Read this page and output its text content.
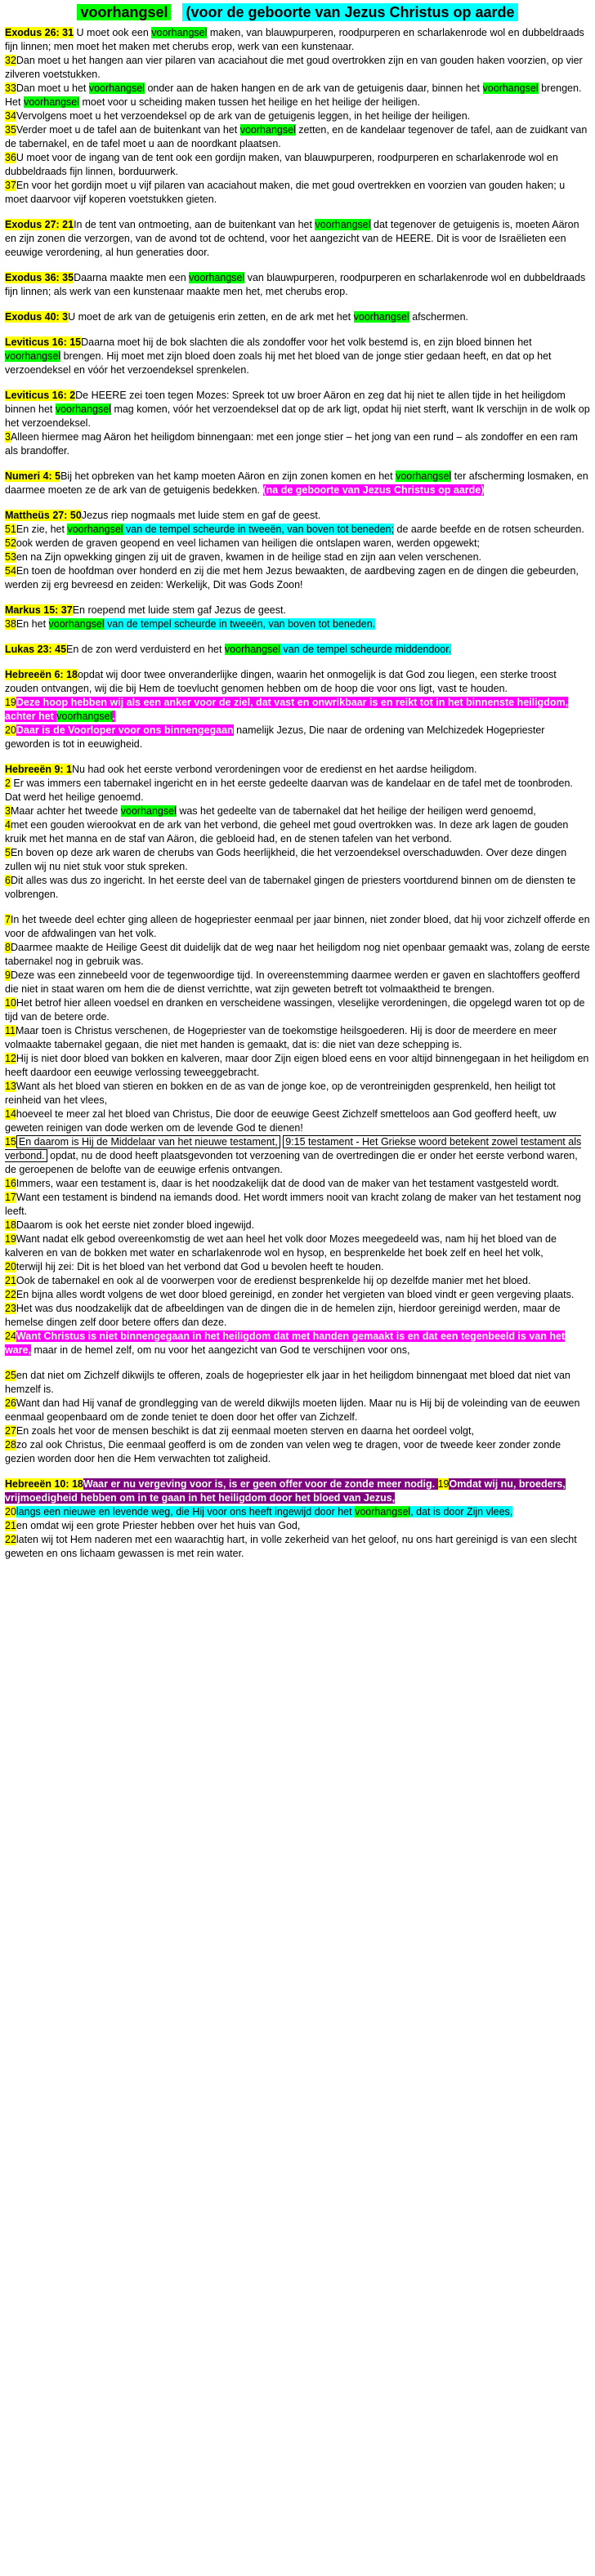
voorhangsel (voor de geboorte van Jezus Christus op aarde
Exodus 26: 31 U moet ook een voorhangsel maken, van blauwpurperen, roodpurperen en scharlakenrode wol en dubbeldraads fijn linnen; men moet het maken met cherubs erop, werk van een kunstenaar.
32Dan moet u het hangen aan vier pilaren van acaciahout die met goud overtrokken zijn en van gouden haken voorzien, op vier zilveren voetstukken.
33Dan moet u het voorhangsel onder aan de haken hangen en de ark van de getuigenis daar, binnen het voorhangsel brengen. Het voorhangsel moet voor u scheiding maken tussen het heilige en het heilige der heiligen.
34Vervolgens moet u het verzoendeksel op de ark van de getuigenis leggen, in het heilige der heiligen.
35Verder moet u de tafel aan de buitenkant van het voorhangsel zetten, en de kandelaar tegenover de tafel, aan de zuidkant van de tabernakel, en de tafel moet u aan de noordkant plaatsen.
36U moet voor de ingang van de tent ook een gordijn maken, van blauwpurperen, roodpurperen en scharlakenrode wol en dubbeldraads fijn linnen, borduurwerk.
37En voor het gordijn moet u vijf pilaren van acaciahout maken, die met goud overtrekken en voorzien van gouden haken; u moet daarvoor vijf koperen voetstukken gieten.
Exodus 27: 21In de tent van ontmoeting, aan de buitenkant van het voorhangsel dat tegenover de getuigenis is, moeten Aäron en zijn zonen die verzorgen, van de avond tot de ochtend, voor het aangezicht van de HEERE. Dit is voor de Israëlieten een eeuwige verordening, al hun generaties door.
Exodus 36: 35Daarna maakte men een voorhangsel van blauwpurperen, roodpurperen en scharlakenrode wol en dubbeldraads fijn linnen; als werk van een kunstenaar maakte men het, met cherubs erop.
Exodus 40: 3U moet de ark van de getuigenis erin zetten, en de ark met het voorhangsel afschermen.
Leviticus 16: 15Daarna moet hij de bok slachten die als zondoffer voor het volk bestemd is, en zijn bloed binnen het voorhangsel brengen. Hij moet met zijn bloed doen zoals hij met het bloed van de jonge stier gedaan heeft, en dat op het verzoendeksel en vóór het verzoendeksel sprenkelen.
Leviticus 16: 2De HEERE zei toen tegen Mozes: Spreek tot uw broer Aäron en zeg dat hij niet te allen tijde in het heiligdom binnen het voorhangsel mag komen, vóór het verzoendeksel dat op de ark ligt, opdat hij niet sterft, want Ik verschijn in de wolk op het verzoendeksel.
3Alleen hiermee mag Aäron het heiligdom binnengaan: met een jonge stier – het jong van een rund – als zondoffer en een ram als brandoffer.
Numeri 4: 5Bij het opbreken van het kamp moeten Aäron en zijn zonen komen en het voorhangsel ter afscherming losmaken, en daarmee moeten ze de ark van de getuigenis bedekken. (na de geboorte van Jezus Christus op aarde)
Mattheüs 27: 50Jezus riep nogmaals met luide stem en gaf de geest.
51En zie, het voorhangsel van de tempel scheurde in tweeën, van boven tot beneden; de aarde beefde en de rotsen scheurden.
52ook werden de graven geopend en veel lichamen van heiligen die ontslapen waren, werden opgewekt;
53en na Zijn opwekking gingen zij uit de graven, kwamen in de heilige stad en zijn aan velen verschenen.
54En toen de hoofdman over honderd en zij die met hem Jezus bewaakten, de aardbeving zagen en de dingen die gebeurden, werden zij erg bevreesd en zeiden: Werkelijk, Dit was Gods Zoon!
Markus 15: 37En roepend met luide stem gaf Jezus de geest.
38En het voorhangsel van de tempel scheurde in tweeën, van boven tot beneden.
Lukas 23: 45En de zon werd verduisterd en het voorhangsel van de tempel scheurde middendoor.
Hebreeën 6: 18opdat wij door twee onveranderlijke dingen, waarin het onmogelijk is dat God zou liegen, een sterke troost zouden ontvangen, wij die bij Hem de toevlucht genomen hebben om de hoop die voor ons ligt, vast te houden.
19Deze hoop hebben wij als een anker voor de ziel, dat vast en onwrikbaar is en reikt tot in het binnenste heiligdom, achter het voorhangsel.
20Daar is de Voorloper voor ons binnengegaan namelijk Jezus, Die naar de ordening van Melchizedek Hogepriester geworden is tot in eeuwigheid.
Hebreeën 9: 1Nu had ook het eerste verbond verordeningen voor de eredienst en het aardse heiligdom.
2 Er was immers een tabernakel ingericht en in het eerste gedeelte daarvan was de kandelaar en de tafel met de toonbroden. Dat werd het heilige genoemd.
3Maar achter het tweede voorhangsel was het gedeelte van de tabernakel dat het heilige der heiligen werd genoemd,
4met een gouden wierookvat en de ark van het verbond, die geheel met goud overtrokken was. In deze ark lagen de gouden kruik met het manna en de staf van Aäron, die gebloeid had, en de stenen tafelen van het verbond.
5En boven op deze ark waren de cherubs van Gods heerlijkheid, die het verzoendeksel overschaduwden. Over deze dingen zullen wij nu niet stuk voor stuk spreken.
6Dit alles was dus zo ingericht. In het eerste deel van de tabernakel gingen de priesters voortdurend binnen om de diensten te volbrengen.
7In het tweede deel echter ging alleen de hogepriester eenmaal per jaar binnen, niet zonder bloed, dat hij voor zichzelf offerde en voor de afdwalingen van het volk.
8Daarmee maakte de Heilige Geest dit duidelijk dat de weg naar het heiligdom nog niet openbaar gemaakt was, zolang de eerste tabernakel nog in gebruik was.
9Deze was een zinnebeeld voor de tegenwoordige tijd. In overeenstemming daarmee werden er gaven en slachtoffers geofferd die niet in staat waren om hem die de dienst verrichtte, wat zijn geweten betreft tot volmaaktheid te brengen.
10Het betrof hier alleen voedsel en dranken en verscheidene wassingen, vleselijke verordeningen, die opgelegd waren tot op de tijd van de betere orde.
11Maar toen is Christus verschenen, de Hogepriester van de toekomstige heilsgoederen. Hij is door de meerdere en meer volmaakte tabernakel gegaan, die niet met handen is gemaakt, dat is: die niet van deze schepping is.
12Hij is niet door bloed van bokken en kalveren, maar door Zijn eigen bloed eens en voor altijd binnengegaan in het heiligdom en heeft daardoor een eeuwige verlossing teweeggebracht.
13Want als het bloed van stieren en bokken en de as van de jonge koe, op de verontreinigden gesprenkeld, hen heiligt tot reinheid van het vlees,
14hoeveel te meer zal het bloed van Christus, Die door de eeuwige Geest Zichzelf smetteloos aan God geofferd heeft, uw geweten reinigen van dode werken om de levende God te dienen!
15 En daarom is Hij de Middelaar van het nieuwe testament, 9:15 testament - Het Griekse woord betekent zowel testament als verbond. opdat, nu de dood heeft plaatsgevonden tot verzoening van de overtredingen die er onder het eerste verbond waren, de geroepenen de belofte van de eeuwige erfenis ontvangen.
16Immers, waar een testament is, daar is het noodzakelijk dat de dood van de maker van het testament vastgesteld wordt.
17Want een testament is bindend na iemands dood. Het wordt immers nooit van kracht zolang de maker van het testament nog leeft.
18Daarom is ook het eerste niet zonder bloed ingewijd.
19Want nadat elk gebod overeenkomstig de wet aan heel het volk door Mozes meegedeeld was, nam hij het bloed van de kalveren en van de bokken met water en scharlakenrode wol en hysop, en besprenkelde het boek zelf en heel het volk,
20terwijl hij zei: Dit is het bloed van het verbond dat God u bevolen heeft te houden.
21Ook de tabernakel en ook al de voorwerpen voor de eredienst besprenkelde hij op dezelfde manier met het bloed.
22En bijna alles wordt volgens de wet door bloed gereinigd, en zonder het vergieten van bloed vindt er geen vergeving plaats.
23Het was dus noodzakelijk dat de afbeeldingen van de dingen die in de hemelen zijn, hierdoor gereinigd werden, maar de hemelse dingen zelf door betere offers dan deze.
24Want Christus is niet binnengegaan in het heiligdom dat met handen gemaakt is en dat een tegenbeeld is van het ware, maar in de hemel zelf, om nu voor het aangezicht van God te verschijnen voor ons,
25en dat niet om Zichzelf dikwijls te offeren, zoals de hogepriester elk jaar in het heiligdom binnengaat met bloed dat niet van hemzelf is.
26Want dan had Hij vanaf de grondlegging van de wereld dikwijls moeten lijden. Maar nu is Hij bij de voleinding van de eeuwen eenmaal geopenbaard om de zonde teniet te doen door het offer van Zichzelf.
27En zoals het voor de mensen beschikt is dat zij eenmaal moeten sterven en daarna het oordeel volgt,
28zo zal ook Christus, Die eenmaal geofferd is om de zonden van velen weg te dragen, voor de tweede keer zonder zonde gezien worden door hen die Hem verwachten tot zaligheid.
Hebreeën 10: 18Waar er nu vergeving voor is, is er geen offer voor de zonde meer nodig. 19Omdat wij nu, broeders, vrijmoedigheid hebben om in te gaan in het heiligdom door het bloed van Jezus,
20langs een nieuwe en levende weg, die Hij voor ons heeft ingewijd door het voorhangsel, dat is door Zijn vlees,
21en omdat wij een grote Priester hebben over het huis van God,
22laten wij tot Hem naderen met een waarachtig hart, in volle zekerheid van het geloof, nu ons hart gereinigd is van een slecht geweten en ons lichaam gewassen is met rein water.
